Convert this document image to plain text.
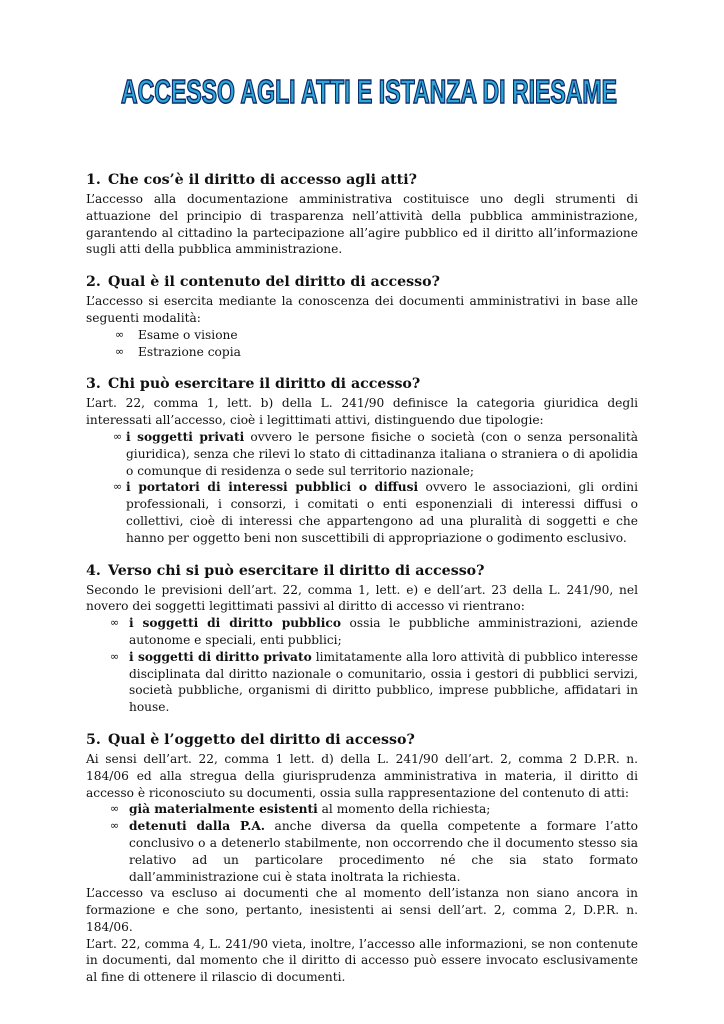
ACCESSO AGLI ATTI E ISTANZA DI RIESAME
1. Che cos’è il diritto di accesso agli atti?

L’accesso alla documentazione amministrativa costituisce uno degli strumenti di attuazione del principio di trasparenza nell’attività della pubblica amministrazione, garantendo al cittadino la partecipazione all’agire pubblico ed il diritto all’informazione sugli atti della pubblica amministrazione.

2. Qual è il contenuto del diritto di accesso?

L’accesso si esercita mediante la conoscenza dei documenti amministrativi in base alle seguenti modalità:

∞ Esame o visione
∞ Estrazione copia
3. Chi può esercitare il diritto di accesso?

L’art. 22, comma 1, lett. b) della L. 241/90 definisce la categoria giuridica degli interessati all’accesso, cioè i legittimati attivi, distinguendo due tipologie:

∞ i soggetti privati ovvero le persone fisiche o società (con o senza personalità giuridica), senza che rilevi lo stato di cittadinanza italiana o straniera o di apolidia o comunque di residenza o sede sul territorio nazionale;
∞ i portatori di interessi pubblici o diffusi ovvero le associazioni, gli ordini professionali, i consorzi, i comitati o enti esponenziali di interessi diffusi o collettivi, cioè di interessi che appartengono ad una pluralità di soggetti e che hanno per oggetto beni non suscettibili di appropriazione o godimento esclusivo.
4. Verso chi si può esercitare il diritto di accesso?

Secondo le previsioni dell’art. 22, comma 1, lett. e) e dell’art. 23 della L. 241/90, nel novero dei soggetti legittimati passivi al diritto di accesso vi rientrano:

∞ i soggetti di diritto pubblico ossia le pubbliche amministrazioni, aziende autonome e speciali, enti pubblici;
∞ i soggetti di diritto privato limitatamente alla loro attività di pubblico interesse disciplinata dal diritto nazionale o comunitario, ossia i gestori di pubblici servizi, società pubbliche, organismi di diritto pubblico, imprese pubbliche, affidatari in house.
5. Qual è l’oggetto del diritto di accesso?

Ai sensi dell’art. 22, comma 1 lett. d) della L. 241/90 dell’art. 2, comma 2 D.P.R. n. 184/06 ed alla stregua della giurisprudenza amministrativa in materia, il diritto di accesso è riconosciuto su documenti, ossia sulla rappresentazione del contenuto di atti:

∞ già materialmente esistenti al momento della richiesta;
∞ detenuti dalla P.A. anche diversa da quella competente a formare l’atto conclusivo o a detenerlo stabilmente, non occorrendo che il documento stesso sia relativo ad un particolare procedimento né che sia stato formato dall’amministrazione cui è stata inoltrata la richiesta.

L’accesso va escluso ai documenti che al momento dell’istanza non siano ancora in formazione e che sono, pertanto, inesistenti ai sensi dell’art. 2, comma 2, D.P.R. n. 184/06.

L’art. 22, comma 4, L. 241/90 vieta, inoltre, l’accesso alle informazioni, se non contenute in documenti, dal momento che il diritto di accesso può essere invocato esclusivamente al fine di ottenere il rilascio di documenti.
